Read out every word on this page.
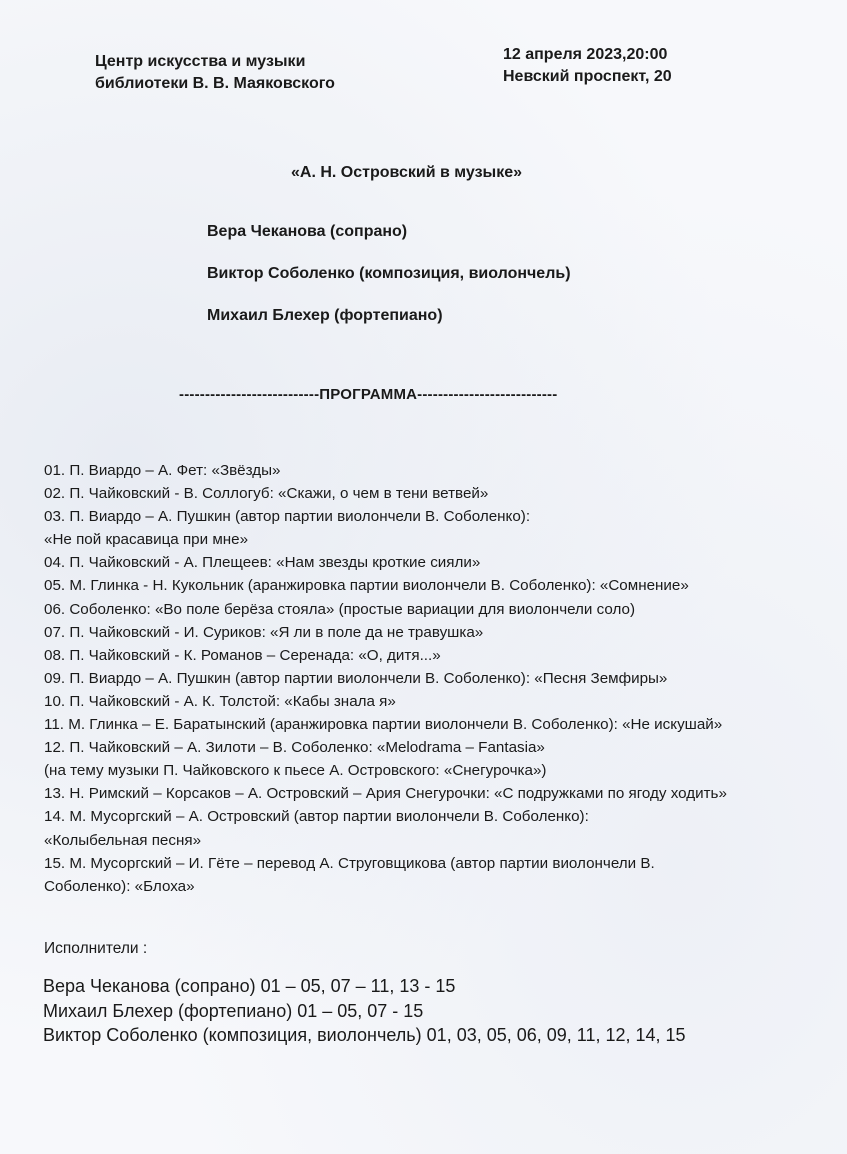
Центр искусства и музыки
библиотеки В. В. Маяковского
12 апреля 2023,20:00
Невский проспект, 20
«А. Н. Островский в музыке»
Вера Чеканова (сопрано)
Виктор Соболенко (композиция, виолончель)
Михаил Блехер (фортепиано)
---------------------------ПРОГРАММА---------------------------
01. П. Виардо – А. Фет: «Звёзды»
02. П. Чайковский - В. Соллогуб: «Скажи, о чем в тени ветвей»
03. П. Виардо – А. Пушкин (автор партии виолончели В. Соболенко):
«Не пой красавица при мне»
04. П. Чайковский - А. Плещеев: «Нам звезды кроткие сияли»
05. М. Глинка - Н. Кукольник (аранжировка партии виолончели В. Соболенко): «Сомнение»
06. Соболенко: «Во поле берёза стояла» (простые вариации для виолончели соло)
07. П. Чайковский - И. Суриков: «Я ли в поле да не травушка»
08. П. Чайковский - К. Романов – Серенада: «О, дитя...»
09. П. Виардо – А. Пушкин (автор партии виолончели В. Соболенко): «Песня Земфиры»
10. П. Чайковский - А. К. Толстой: «Кабы знала я»
11. М. Глинка – Е. Баратынский (аранжировка партии виолончели В. Соболенко): «Не искушай»
12. П. Чайковский – А. Зилоти – В. Соболенко: «Melodrama – Fantasia»
(на тему музыки П. Чайковского к пьесе А. Островского: «Снегурочка»)
13. Н. Римский – Корсаков – А. Островский – Ария Снегурочки: «С подружками по ягоду ходить»
14. М. Мусоргский – А. Островский (автор партии виолончели В. Соболенко):
«Колыбельная песня»
15. М. Мусоргский – И. Гёте – перевод А. Струговщикова (автор партии виолончели В.
Соболенко): «Блоха»
Исполнители :
Вера Чеканова (сопрано) 01 – 05, 07 – 11, 13 - 15
Михаил Блехер (фортепиано) 01 – 05, 07 - 15
Виктор Соболенко (композиция, виолончель) 01, 03, 05, 06, 09, 11, 12, 14, 15
